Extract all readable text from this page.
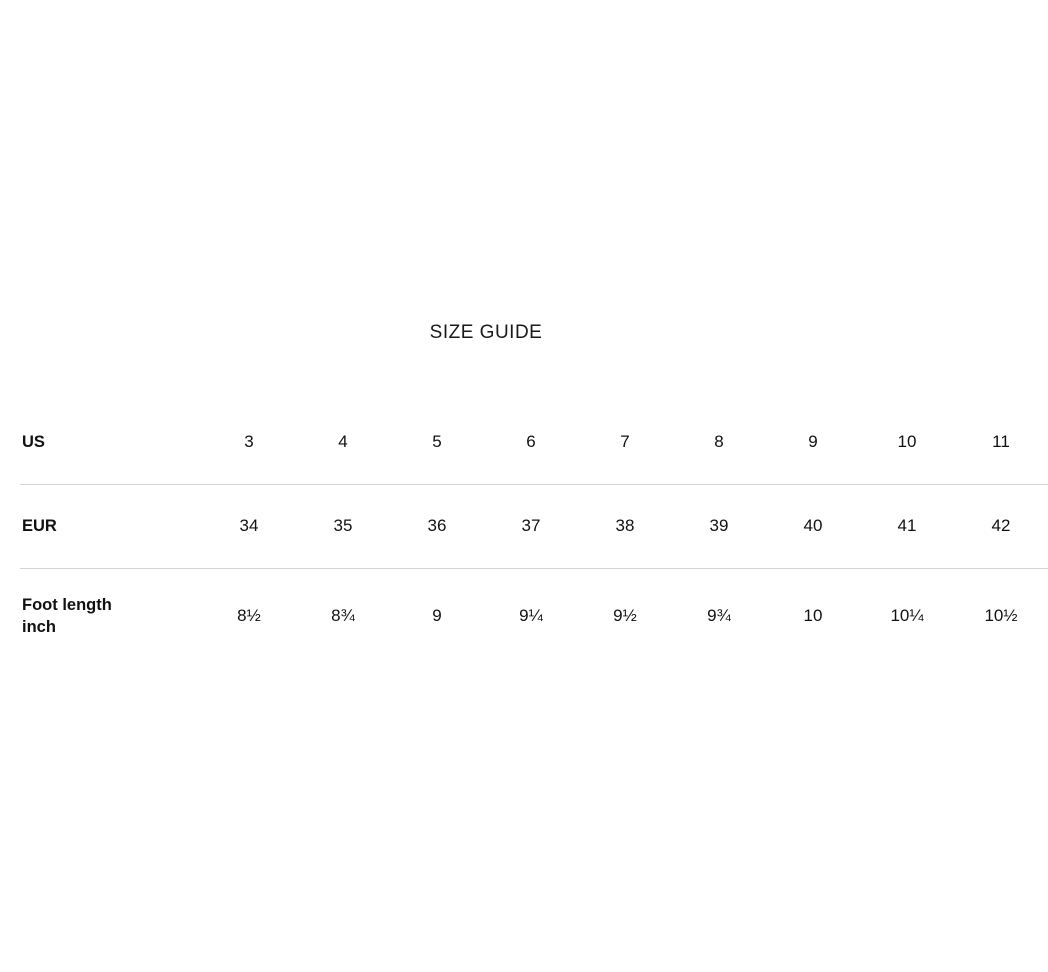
SIZE GUIDE
US	3	4	5	6	7	8	9	10	11
EUR	34	35	36	37	38	39	40	41	42
Foot length
inch	8½	8¾	9	9¼	9½	9¾	10	10¼	10½
